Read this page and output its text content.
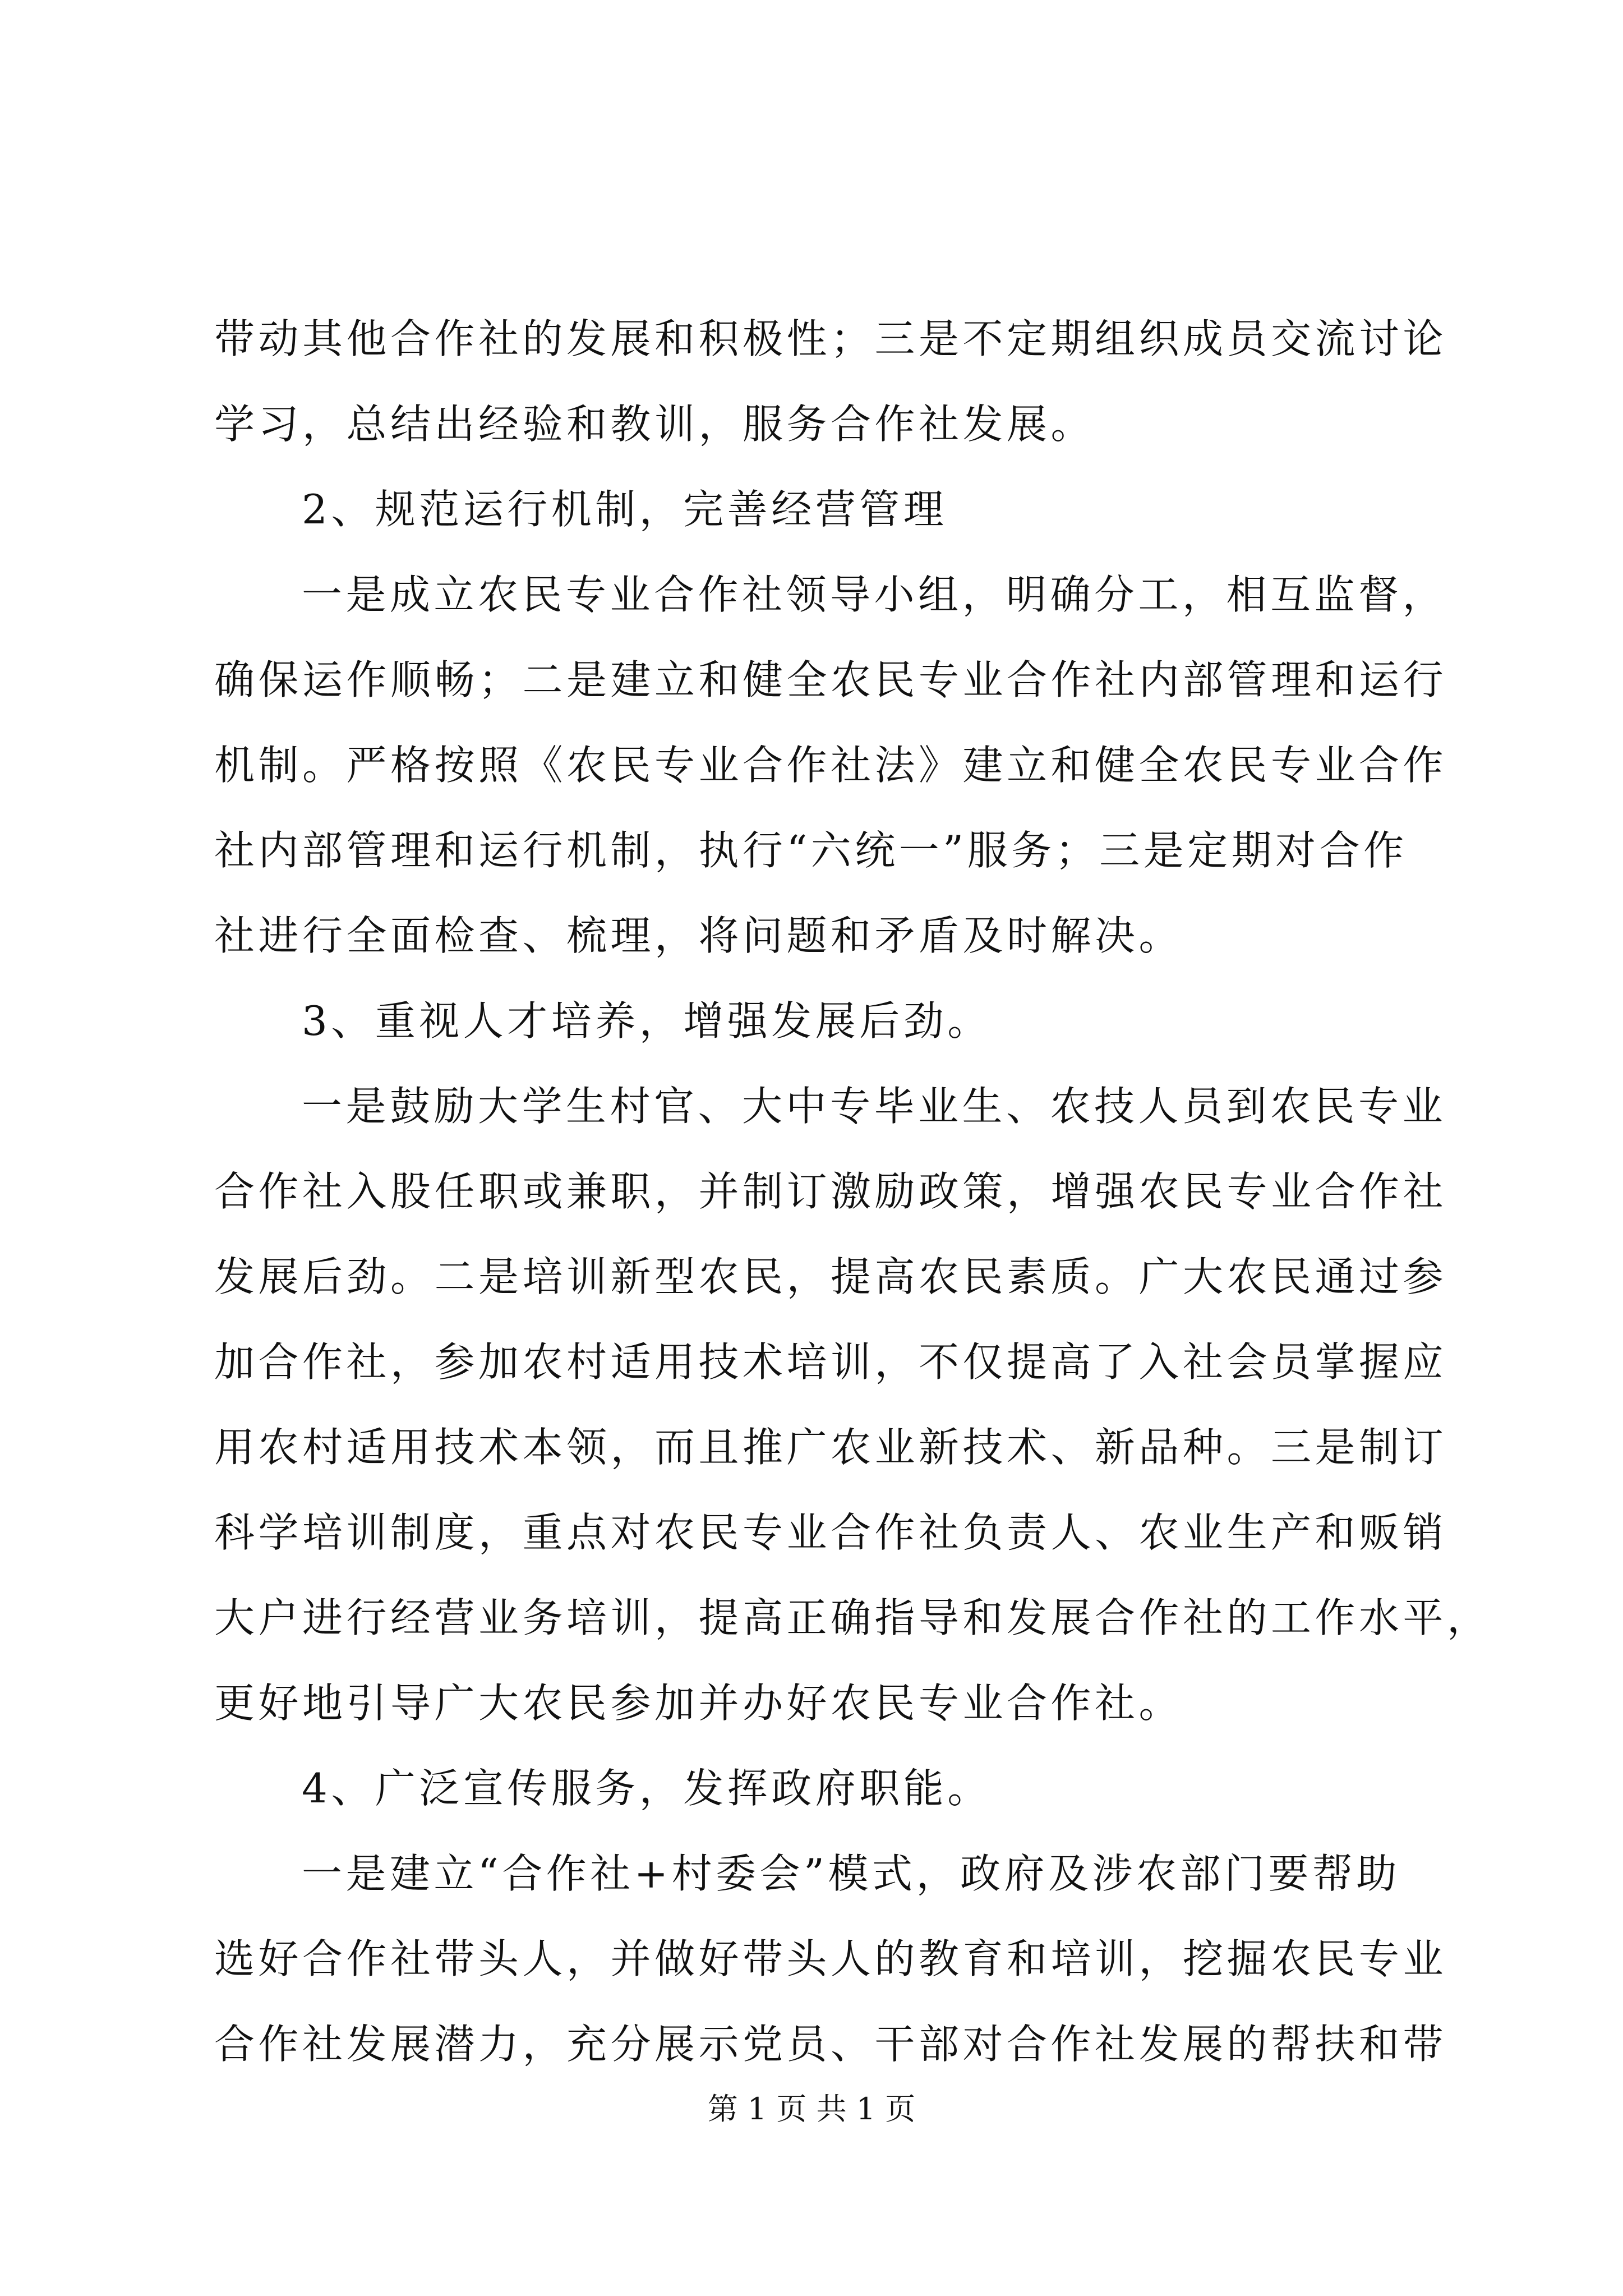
带动其他合作社的发展和积极性；三是不定期组织成员交流讨论
学习，总结出经验和教训，服务合作社发展。
2、规范运行机制，完善经营管理
一是成立农民专业合作社领导小组，明确分工，相互监督，
确保运作顺畅；二是建立和健全农民专业合作社内部管理和运行
机制。严格按照《农民专业合作社法》建立和健全农民专业合作
社内部管理和运行机制，执行“六统一”服务；三是定期对合作
社进行全面检查、梳理，将问题和矛盾及时解决。
3、重视人才培养，增强发展后劲。
一是鼓励大学生村官、大中专毕业生、农技人员到农民专业
合作社入股任职或兼职，并制订激励政策，增强农民专业合作社
发展后劲。二是培训新型农民，提高农民素质。广大农民通过参
加合作社，参加农村适用技术培训，不仅提高了入社会员掌握应
用农村适用技术本领，而且推广农业新技术、新品种。三是制订
科学培训制度，重点对农民专业合作社负责人、农业生产和贩销
大户进行经营业务培训，提高正确指导和发展合作社的工作水平，
更好地引导广大农民参加并办好农民专业合作社。
4、广泛宣传服务，发挥政府职能。
一是建立“合作社+村委会”模式，政府及涉农部门要帮助
选好合作社带头人，并做好带头人的教育和培训，挖掘农民专业
合作社发展潜力，充分展示党员、干部对合作社发展的帮扶和带
第 1 页 共 1 页
